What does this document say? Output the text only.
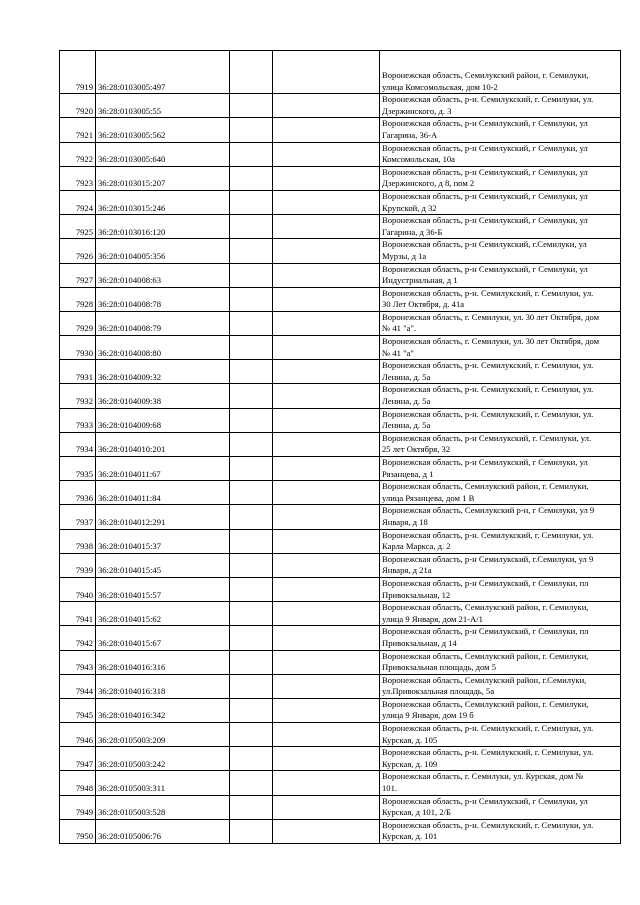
7919	36:28:0103005:497			Воронежская область, Семилукский район, г. Семилуки,
улица Комсомольская, дом 10-2

7920	36:28:0103005:55			Воронежская область, р-н. Семилукский, г. Семилуки, ул.
Дзержинского, д. 3

7921	36:28:0103005:562			Воронежская область, р-н Семилукский, г Семилуки, ул
Гагарина, 36-А

7922	36:28:0103005:640			Воронежская область, р-н Семилукский, г Семилуки, ул
Комсомольская, 10а

7923	36:28:0103015:207			Воронежская область, р-н Семилукский, г Семилуки, ул
Дзержинского, д 8, пом 2

7924	36:28:0103015:246			Воронежская область, р-н Семилукский, г Семилуки, ул
Крупской, д 32

7925	36:28:0103016:120			Воронежская область, р-н Семилукский, г Семилуки, ул
Гагарина, д 36-Б

7926	36:28:0104005:356			Воронежская область, р-н Семилукский, г.Семилуки, ул
Мурзы, д 1а

7927	36:28:0104008:63			Воронежская область, р-н Семилукский, г Семилуки, ул
Индустриальная, д 1

7928	36:28:0104008:78			Воронежская область, р-н. Семилукский, г. Семилуки, ул.
30 Лет Октября, д. 41а

7929	36:28:0104008:79			Воронежская область, г. Семилуки, ул. 30 лет Октября, дом
№ 41 "а".

7930	36:28:0104008:80			Воронежская область, г. Семилуки, ул. 30 лет Октября, дом
№ 41 "а"

7931	36:28:0104009:32			Воронежская область, р-н. Семилукский, г. Семилуки, ул.
Ленина, д. 5а

7932	36:28:0104009:38			Воронежская область, р-н. Семилукский, г. Семилуки, ул.
Ленина, д. 5а

7933	36:28:0104009:68			Воронежская область, р-н. Семилукский, г. Семилуки, ул.
Ленина, д. 5а

7934	36:28:0104010:201			Воронежская область, р-н Семилукский, г. Семилуки, ул.
25 лет Октября, 32

7935	36:28:0104011:67			Воронежская область, р-н Семилукский, г Семилуки, ул
Рязанцева, д 1

7936	36:28:0104011:84			Воронежская область, Семилукский район, г. Семилуки,
улица Рязанцева, дом 1 В

7937	36:28:0104012:291			Воронежская область, Семилукский р-н, г Семилуки, ул 9
Января, д 18

7938	36:28:0104015:37			Воронежская область, р-н. Семилукский, г. Семилуки, ул.
Карла Маркса, д. 2

7939	36:28:0104015:45			Воронежская область, р-н Семилукский, г.Семилуки, ул 9
Января, д 21а

7940	36:28:0104015:57			Воронежская область, р-н Семилукский, г Семилуки, пл
Привокзальная, 12

7941	36:28:0104015:62			Воронежская область, Семилукский район, г. Семилуки,
улица 9 Января, дом 21-А/1

7942	36:28:0104015:67			Воронежская область, р-н Семилукский, г Семилуки, пл
Привокзальная, д 14

7943	36:28:0104016:316			Воронежская область, Семилукский район, г. Семилуки,
Привокзальная площадь, дом 5

7944	36:28:0104016:318			Воронежская область, Семилукский район, г.Семилуки,
ул.Привокзальная площадь, 5а

7945	36:28:0104016:342			Воронежская область, Семилукский район, г. Семилуки,
улица 9 Января, дом 19 б

7946	36:28:0105003:209			Воронежская область, р-н. Семилукский, г. Семилуки, ул.
Курская, д. 105

7947	36:28:0105003:242			Воронежская область, р-н. Семилукский, г. Семилуки, ул.
Курская, д. 109

7948	36:28:0105003:311			Воронежская область, г. Семилуки, ул. Курская, дом №
101.

7949	36:28:0105003:528			Воронежская область, р-н Семилукский, г Семилуки, ул
Курская, д 101, 2/Б

7950	36:28:0105006:76			Воронежская область, р-н. Семилукский, г. Семилуки, ул.
Курская, д. 101
